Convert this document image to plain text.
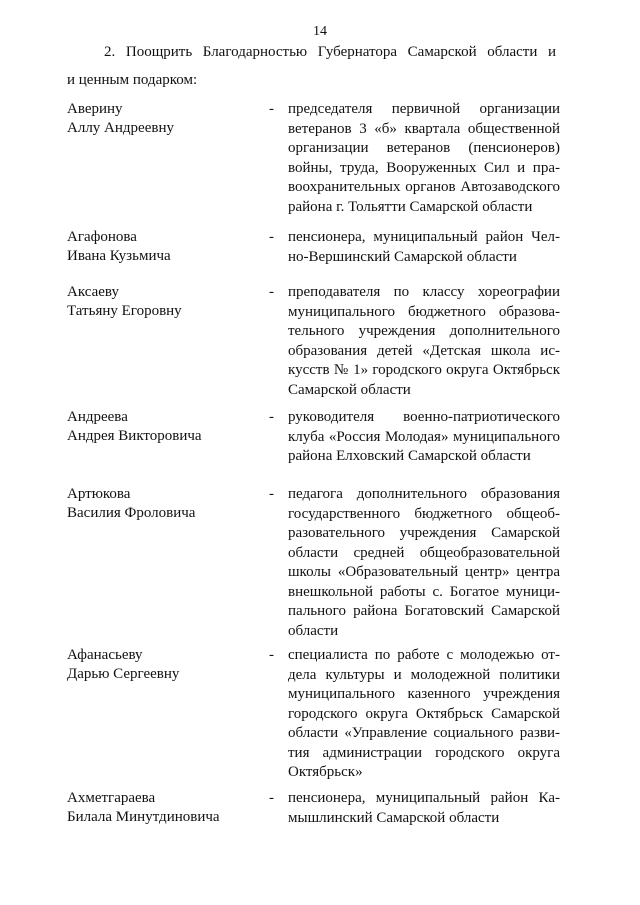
14
2. Поощрить Благодарностью Губернатора Самарской области и
и ценным подарком:
Аверину
Аллу Андреевну
- председателя первичной организации ветеранов 3 «б» квартала общественной организации ветеранов (пенсионеров) войны, труда, Вооруженных Сил и правоохранительных органов Автозаводского района г. Тольятти Самарской области
Агафонова
Ивана Кузьмича
- пенсионера, муниципальный район Челно-Вершинский Самарской области
Аксаеву
Татьяну Егоровну
- преподавателя по классу хореографии муниципального бюджетного образовательного учреждения дополнительного образования детей «Детская школа искусств № 1» городского округа Октябрьск Самарской области
Андреева
Андрея Викторовича
- руководителя военно-патриотического клуба «Россия Молодая» муниципального района Елховский Самарской области
Артюкова
Василия Фроловича
- педагога дополнительного образования государственного бюджетного общеобразовательного учреждения Самарской области средней общеобразовательной школы «Образовательный центр» центра внешкольной работы с. Богатое муниципального района Богатовский Самарской области
Афанасьеву
Дарью Сергеевну
- специалиста по работе с молодежью отдела культуры и молодежной политики муниципального казенного учреждения городского округа Октябрьск Самарской области «Управление социального развития администрации городского округа Октябрьск»
Ахметгараева
Билала Минутдиновича
- пенсионера, муниципальный район Камышлинский Самарской области
